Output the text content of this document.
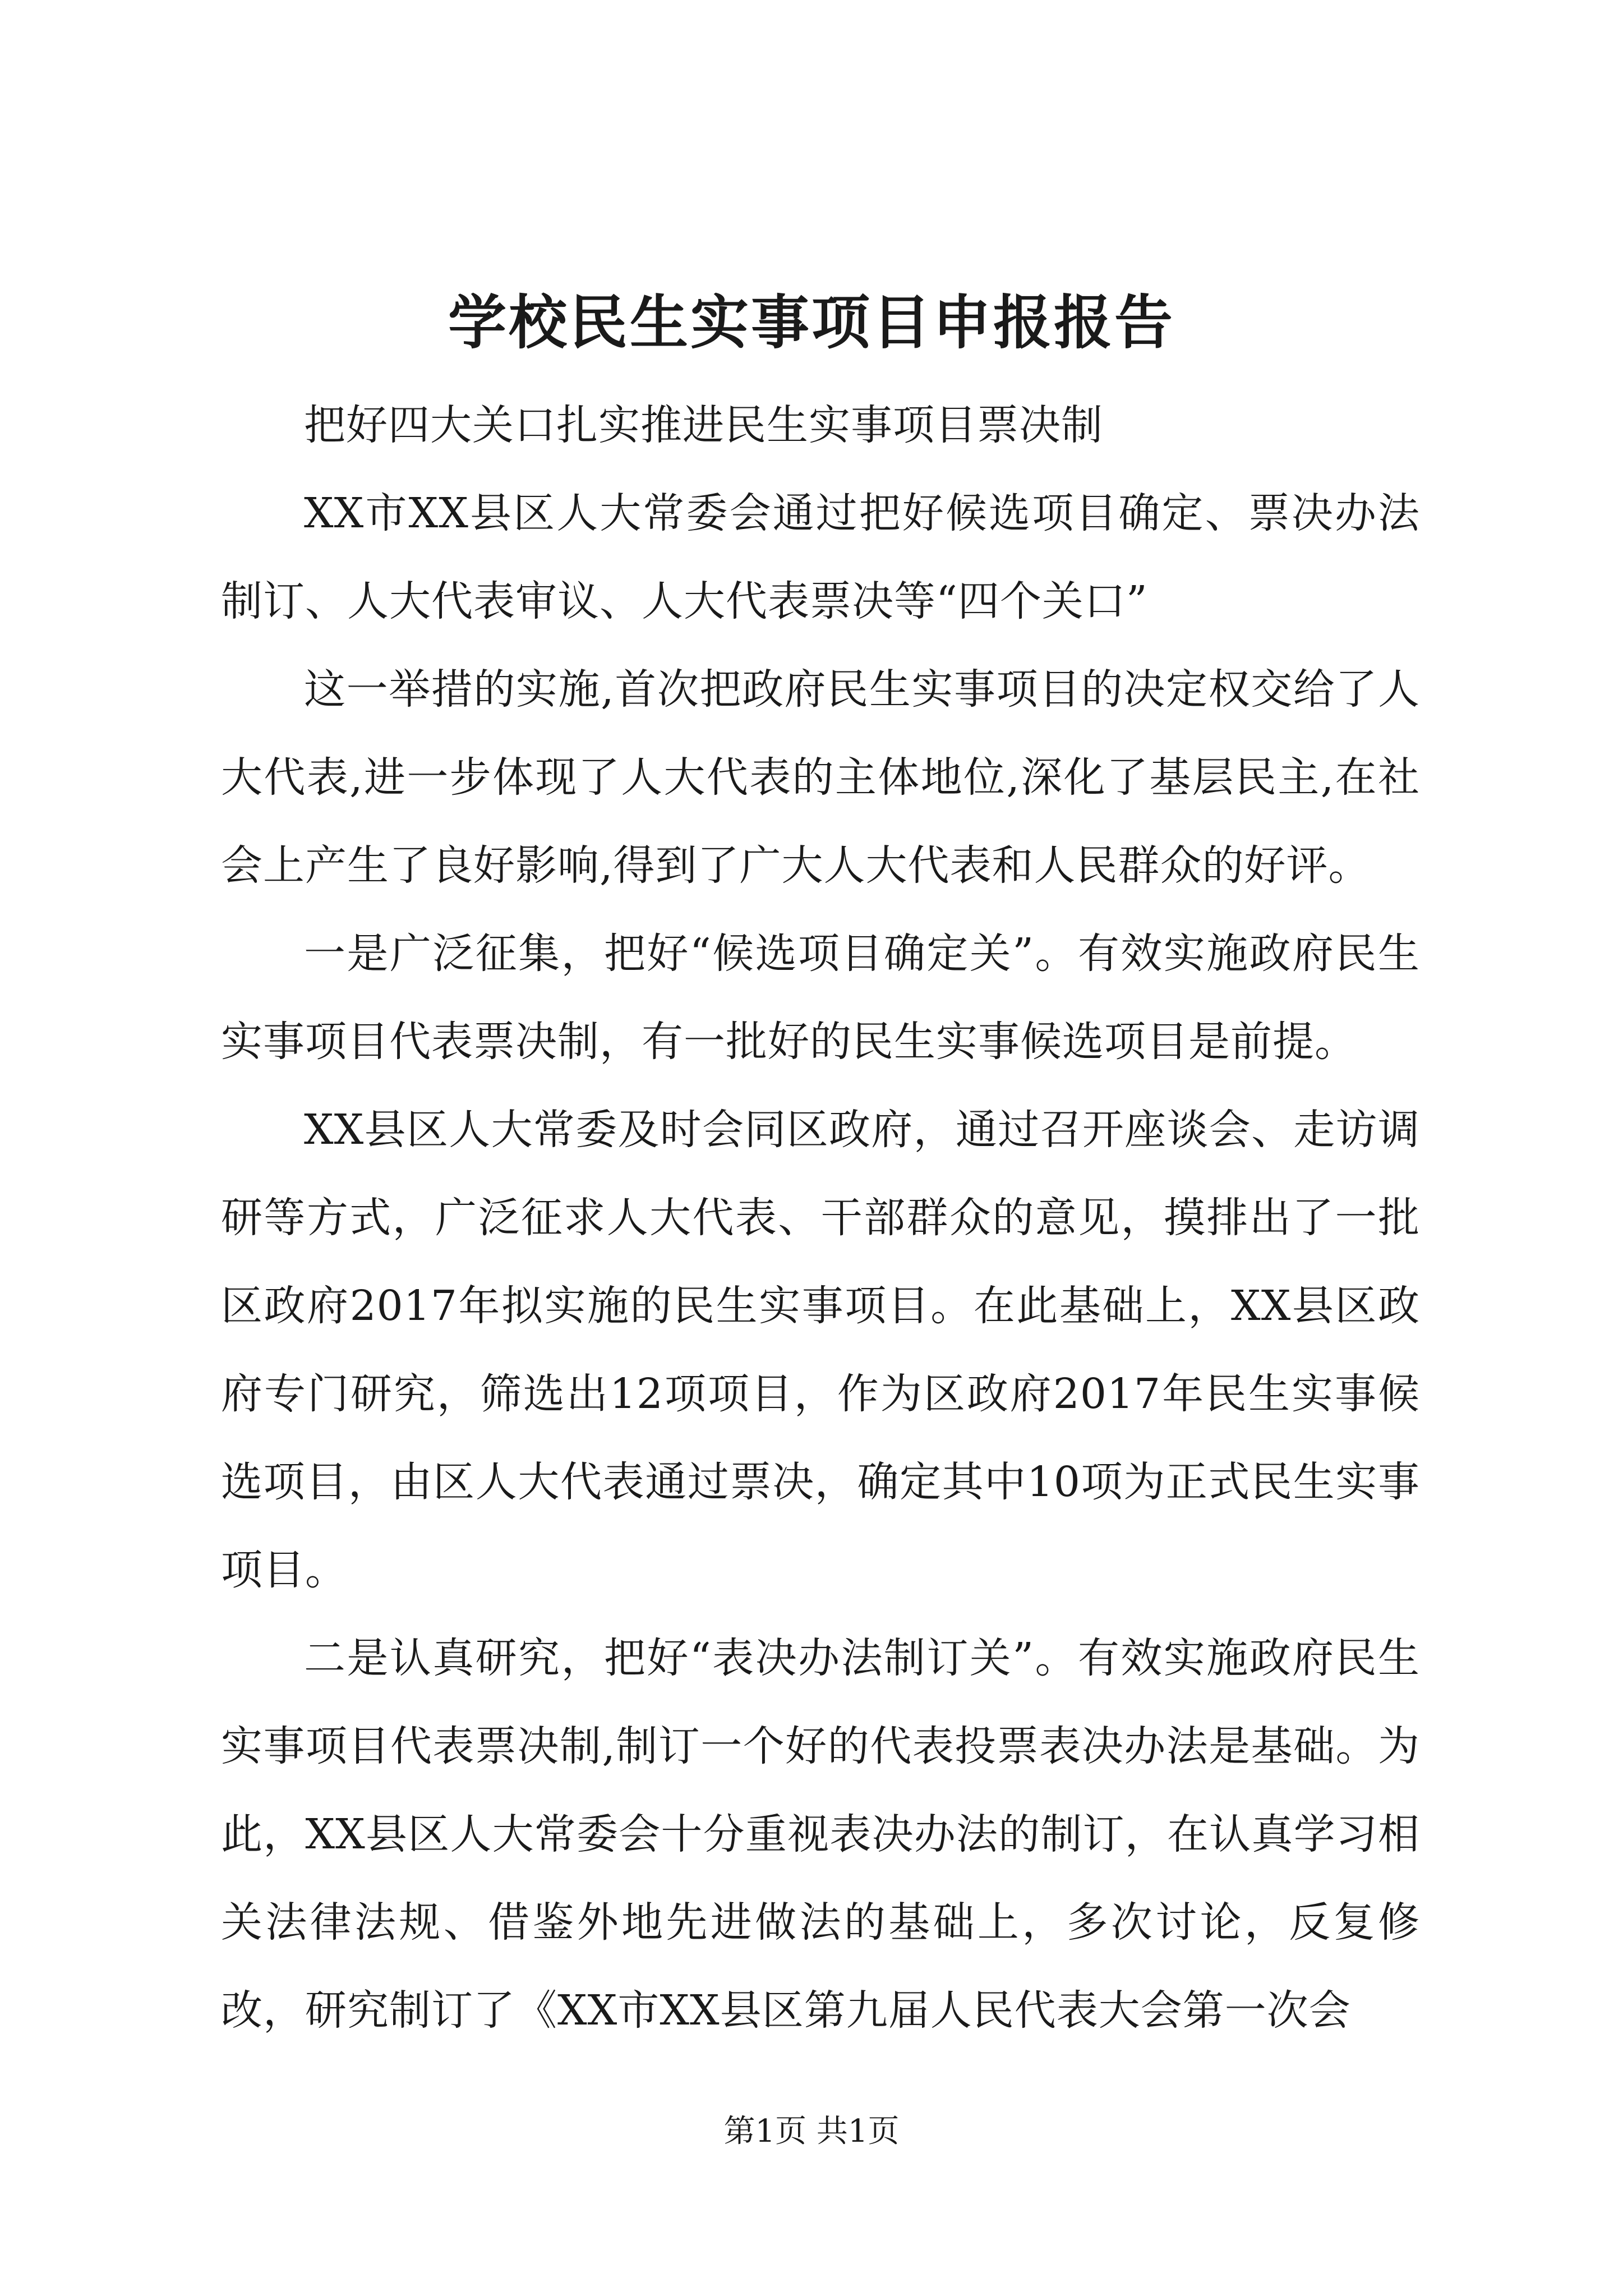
学校民生实事项目申报报告

把好四大关口扎实推进民生实事项目票决制

XX市XX县区人大常委会通过把好候选项目确定、票决办法制订、人大代表审议、人大代表票决等“四个关口”

这一举措的实施,首次把政府民生实事项目的决定权交给了人大代表,进一步体现了人大代表的主体地位,深化了基层民主,在社会上产生了良好影响,得到了广大人大代表和人民群众的好评。

一是广泛征集，把好“候选项目确定关”。有效实施政府民生实事项目代表票决制，有一批好的民生实事候选项目是前提。

XX县区人大常委及时会同区政府，通过召开座谈会、走访调研等方式，广泛征求人大代表、干部群众的意见，摸排出了一批区政府2017年拟实施的民生实事项目。在此基础上，XX县区政府专门研究，筛选出12项项目，作为区政府2017年民生实事候选项目，由区人大代表通过票决，确定其中10项为正式民生实事项目。

二是认真研究，把好“表决办法制订关”。有效实施政府民生实事项目代表票决制,制订一个好的代表投票表决办法是基础。为此，XX县区人大常委会十分重视表决办法的制订，在认真学习相关法律法规、借鉴外地先进做法的基础上，多次讨论，反复修改，研究制订了《XX市XX县区第九届人民代表大会第一次会

第1页 共1页
